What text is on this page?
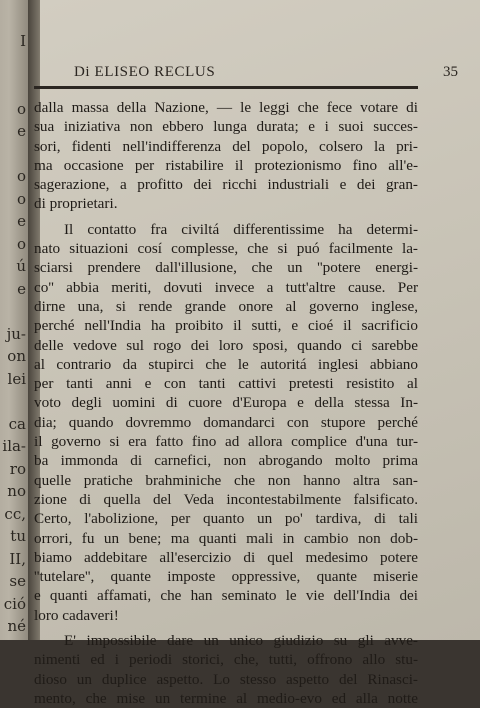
I

o
e

o
o
e
o
ú
e

ju-
on
lei

ca
ila-
ro
no
cc,
tu
II,
se
ció
né
Di ELISEO RECLUS	35
dalla massa della Nazione, — le leggi che fece votare di
sua iniziativa non ebbero lunga durata; e i suoi succes-
sori, fidenti nell'indifferenza del popolo, colsero la pri-
ma occasione per ristabilire il protezionismo fino all'e-
sagerazione, a profitto dei ricchi industriali e dei gran-
di proprietari.
Il contatto fra civiltá differentissime ha determi-
nato situazioni cosí complesse, che si puó facilmente la-
sciarsi prendere dall'illusione, che un ''potere energi-
co'' abbia meriti, dovuti invece a tutt'altre cause. Per
dirne una, si rende grande onore al governo inglese,
perché nell'India ha proibito il sutti, e cioé il sacrificio
delle vedove sul rogo dei loro sposi, quando ci sarebbe
al contrario da stupirci che le autoritá inglesi abbiano
per tanti anni e con tanti cattivi pretesti resistito al
voto degli uomini di cuore d'Europa e della stessa In-
dia; quando dovremmo domandarci con stupore perché
il governo si era fatto fino ad allora complice d'una tur-
ba immonda di carnefici, non abrogando molto prima
quelle pratiche brahminiche che non hanno altra san-
zione di quella del Veda incontestabilmente falsificato.
Certo, l'abolizione, per quanto un po' tardiva, di tali
orrori, fu un bene; ma quanti mali in cambio non dob-
biamo addebitare all'esercizio di quel medesimo potere
''tutelare'', quante imposte oppressive, quante miserie
e quanti affamati, che han seminato le vie dell'India dei
loro cadaveri!
E' impossibile dare un unico giudizio su gli avve-
nimenti ed i periodi storici, che, tutti, offrono allo stu-
dioso un duplice aspetto. Lo stesso aspetto del Rinasci-
mento, che mise un termine al medio-evo ed alla notte
